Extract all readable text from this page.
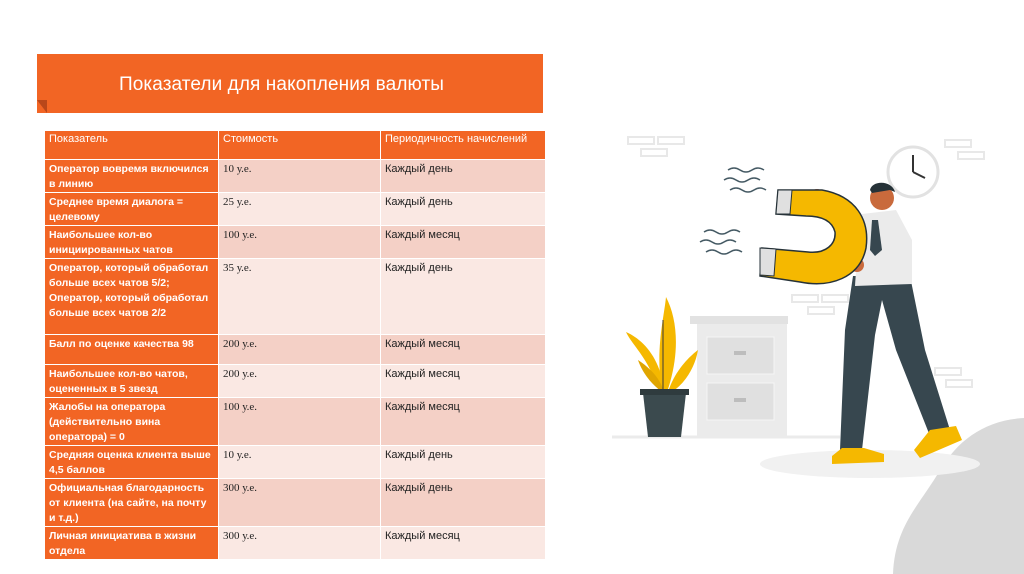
Показатели для накопления валюты
Показатель	Стоимость	Периодичность начислений
Оператор вовремя включился в линию	10 у.е.	Каждый день
Среднее время диалога = целевому	25 у.е.	Каждый день
Наибольшее кол-во инициированных чатов	100 у.е.	Каждый месяц
Оператор, который обработал больше всех чатов 5/2; Оператор, который обработал больше всех чатов 2/2	35 у.е.	Каждый день
Балл по оценке качества 98	200 у.е.	Каждый месяц
Наибольшее кол-во чатов, оцененных в 5 звезд	200 у.е.	Каждый месяц
Жалобы на оператора (действительно вина оператора) = 0	100 у.е.	Каждый месяц
Средняя оценка клиента выше 4,5 баллов	10 у.е.	Каждый день
Официальная благодарность от клиента (на сайте, на почту и т.д.)	300 у.е.	Каждый день
Личная инициатива в жизни отдела	300 у.е.	Каждый месяц
